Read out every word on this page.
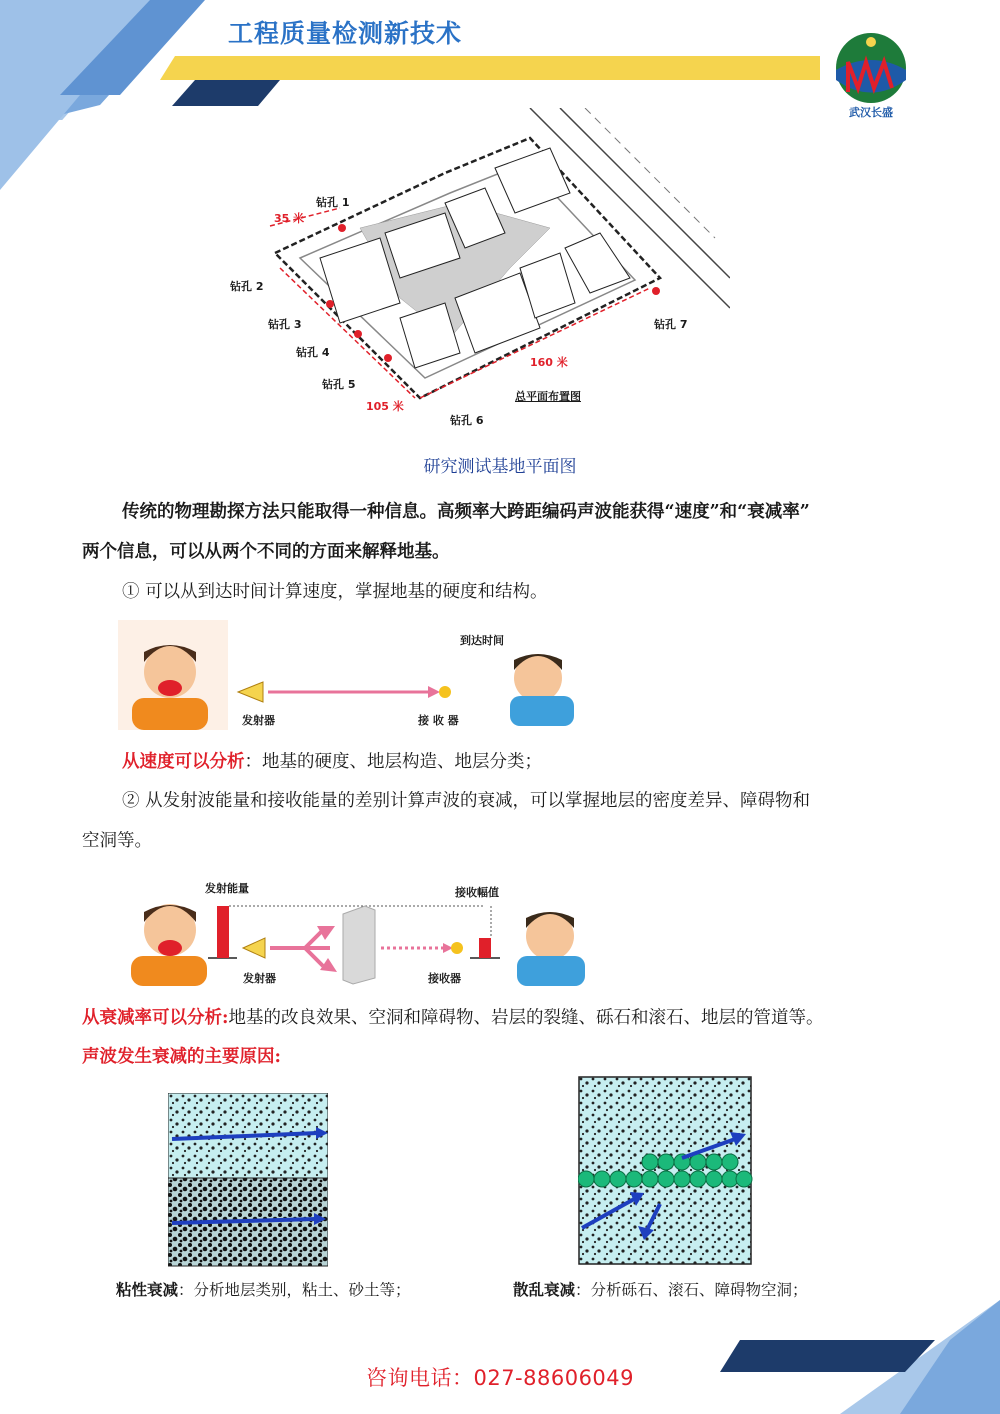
工程质量检测新技术
武汉长盛
钻孔 1
钻孔 2
钻孔 3
钻孔 4
钻孔 5
钻孔 6
钻孔 7
35 米
160 米
105 米
总平面布置图
研究测试基地平面图
传统的物理勘探方法只能取得一种信息。高频率大跨距编码声波能获得“速度”和“衰减率”
两个信息，可以从两个不同的方面来解释地基。
① 可以从到达时间计算速度，掌握地基的硬度和结构。
到达时间
发射器	接 收 器
从速度可以分析：地基的硬度、地层构造、地层分类；
② 从发射波能量和接收能量的差别计算声波的衰减，可以掌握地层的密度差异、障碍物和
空洞等。
发射能量	接收幅值
发射器	接收器
从衰减率可以分析:地基的改良效果、空洞和障碍物、岩层的裂缝、砾石和滚石、地层的管道等。
声波发生衰减的主要原因:
粘性衰减：分析地层类别，粘土、砂土等；	散乱衰减：分析砾石、滚石、障碍物空洞；
咨询电话：027-88606049
